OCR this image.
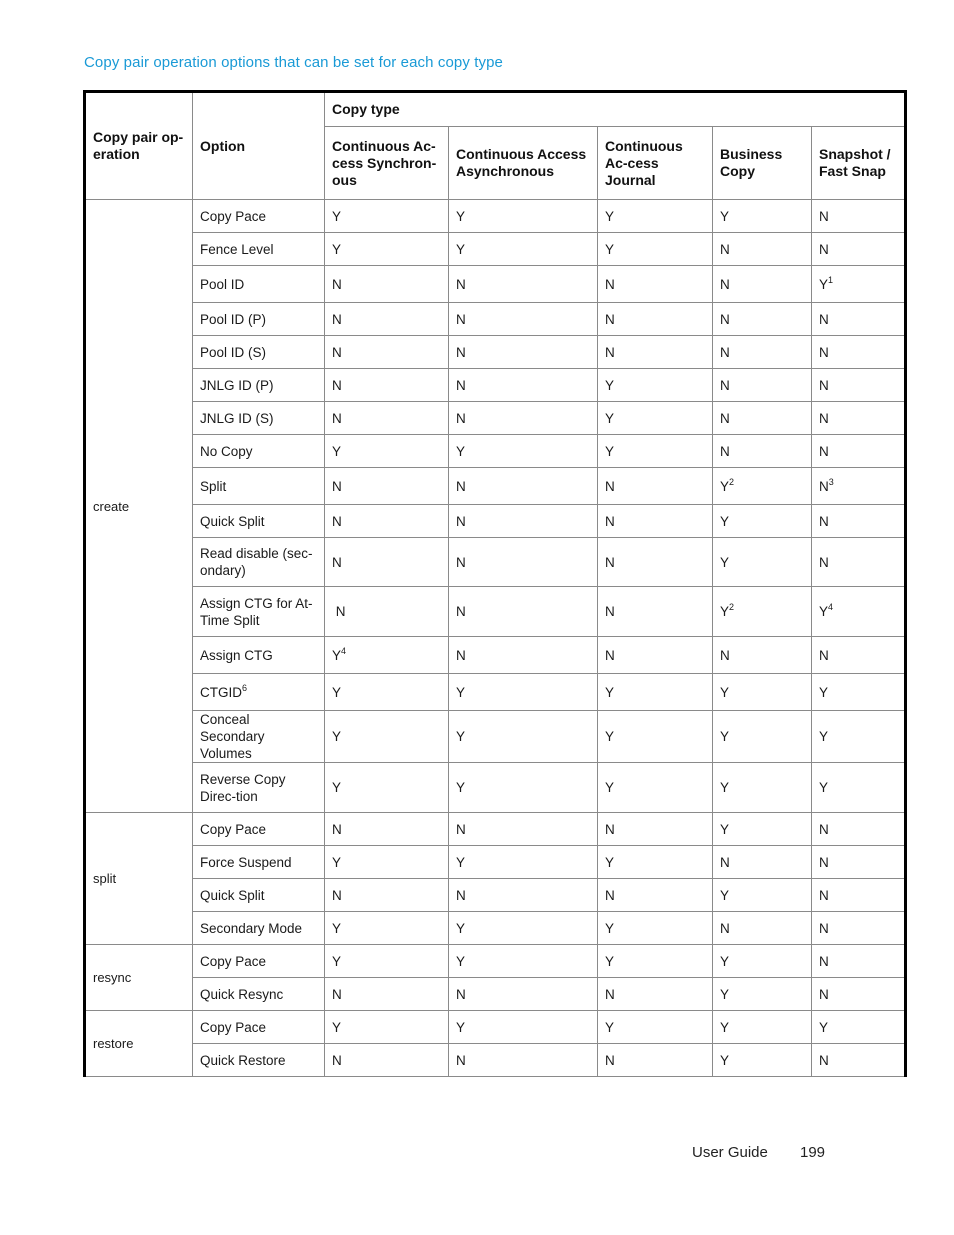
Copy pair operation options that can be set for each copy type
Copy pair op-eration	Option	Copy type				
		Continuous Ac-cess Synchron-ous	Continuous Access Asynchronous	Continuous Ac-cess Journal	Business Copy	Snapshot / Fast Snap
create	Copy Pace	Y	Y	Y	Y	N
	Fence Level	Y	Y	Y	N	N
	Pool ID	N	N	N	N	$Y^1$
	Pool ID (P)	N	N	N	N	N
	Pool ID (S)	N	N	N	N	N
	JNLG ID (P)	N	N	Y	N	N
	JNLG ID (S)	N	N	Y	N	N
	No Copy	Y	Y	Y	N	N
	Split	N	N	N	$Y^2$	$N^3$
	Quick Split	N	N	N	Y	N
	Read disable (sec-ondary)	N	N	N	Y	N
	Assign CTG for At-Time Split	N	N	N	$Y^2$	$Y^4$
	Assign CTG	$Y^4$	N	N	N	N
	CTGID$^6$	Y	Y	Y	Y	Y
	Conceal Secondary Volumes	Y	Y	Y	Y	Y
	Reverse Copy Direc-tion	Y	Y	Y	Y	Y
split	Copy Pace	N	N	N	Y	N
	Force Suspend	Y	Y	Y	N	N
	Quick Split	N	N	N	Y	N
	Secondary Mode	Y	Y	Y	N	N
resync	Copy Pace	Y	Y	Y	Y	N
	Quick Resync	N	N	N	Y	N
restore	Copy Pace	Y	Y	Y	Y	Y
	Quick Restore	N	N	N	Y	N
User Guide 199
